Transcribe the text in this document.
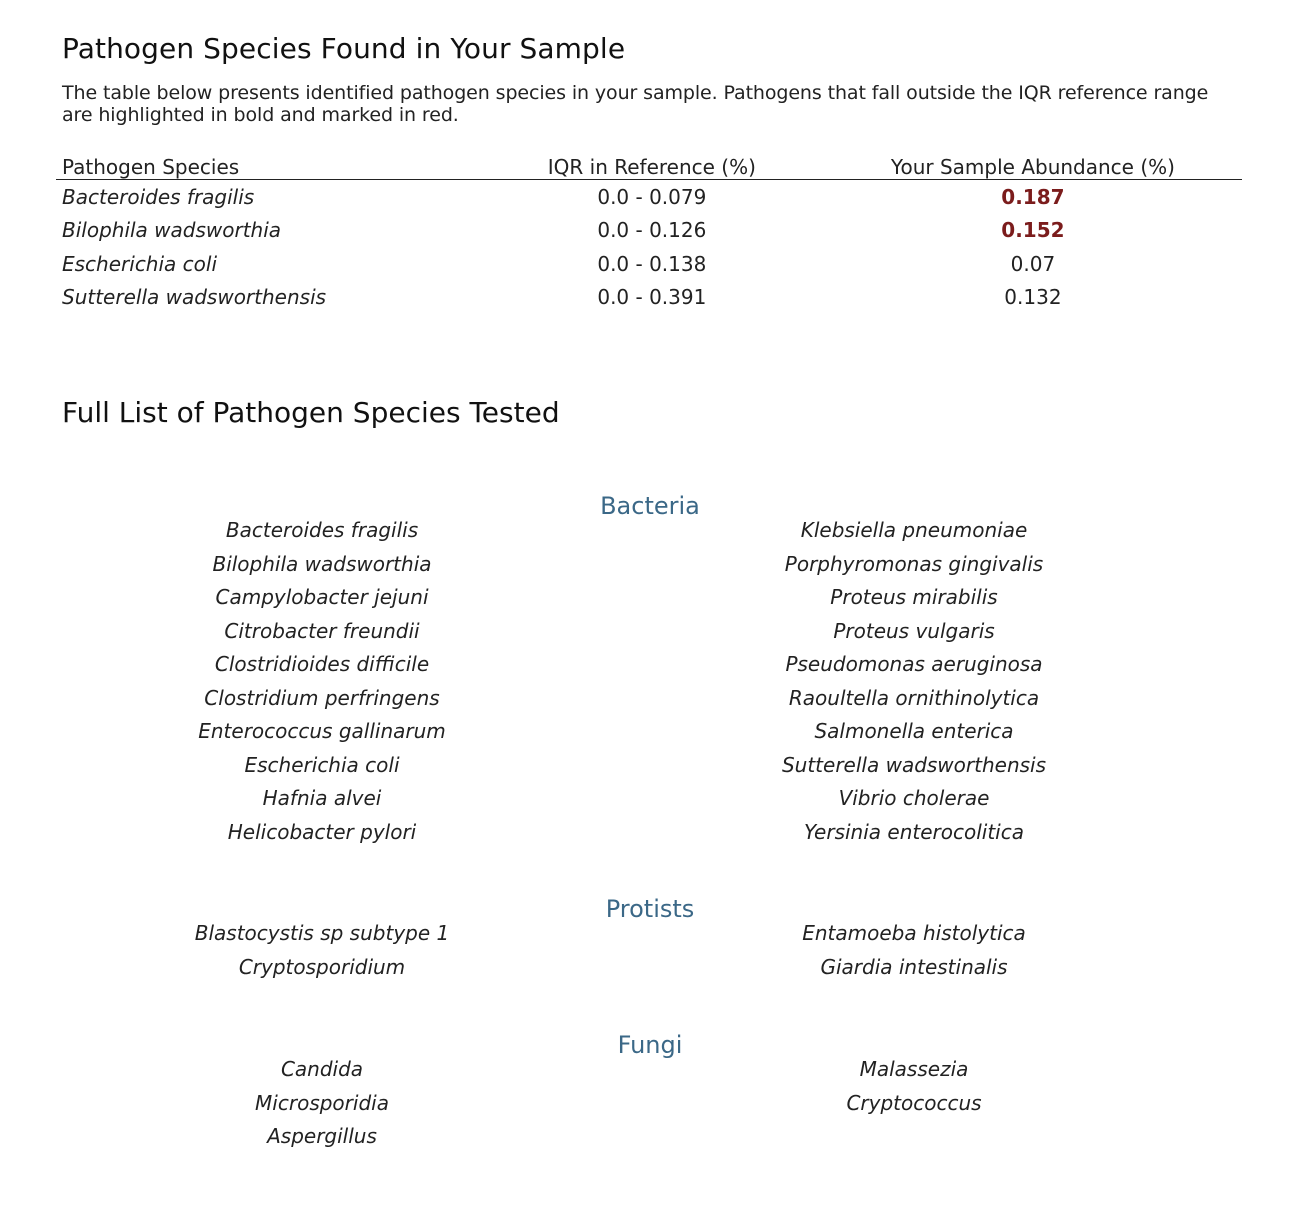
Pathogen Species Found in Your Sample

The table below presents identified pathogen species in your sample. Pathogens that fall outside the IQR reference range are highlighted in bold and marked in red.

Pathogen Species	IQR in Reference (%)	Your Sample Abundance (%)
Bacteroides fragilis	0.0 - 0.079	0.187
Bilophila wadsworthia	0.0 - 0.126	0.152
Escherichia coli	0.0 - 0.138	0.07
Sutterella wadsworthensis	0.0 - 0.391	0.132
Full List of Pathogen Species Tested
Bacteria
Bacteroides fragilis
Bilophila wadsworthia
Campylobacter jejuni
Citrobacter freundii
Clostridioides difficile
Clostridium perfringens
Enterococcus gallinarum
Escherichia coli
Hafnia alvei
Helicobacter pylori
Klebsiella pneumoniae
Porphyromonas gingivalis
Proteus mirabilis
Proteus vulgaris
Pseudomonas aeruginosa
Raoultella ornithinolytica
Salmonella enterica
Sutterella wadsworthensis
Vibrio cholerae
Yersinia enterocolitica
Protists
Blastocystis sp subtype 1
Cryptosporidium
Entamoeba histolytica
Giardia intestinalis
Fungi
Candida
Microsporidia
Aspergillus
Malassezia
Cryptococcus
